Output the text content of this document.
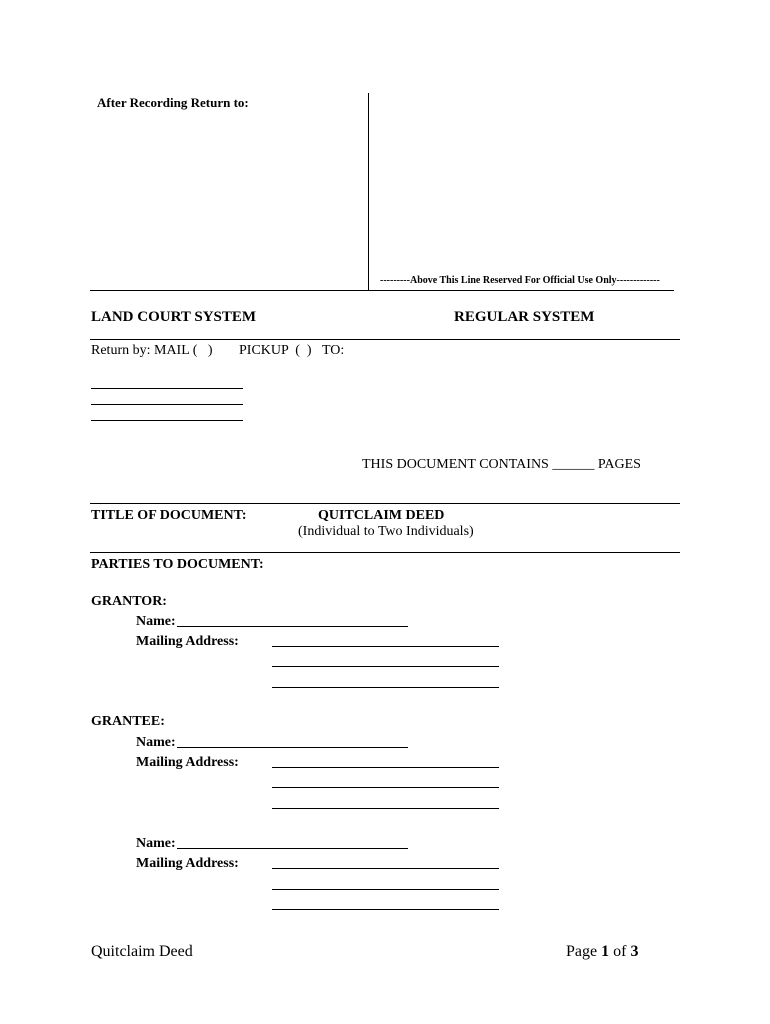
After Recording Return to:
---------Above This Line Reserved For Official Use Only-------------
LAND COURT SYSTEM	REGULAR SYSTEM
Return by: MAIL (   ) PICKUP  (  ) TO:
THIS DOCUMENT CONTAINS ______ PAGES
TITLE OF DOCUMENT:	QUITCLAIM DEED
(Individual to Two Individuals)
PARTIES TO DOCUMENT:
GRANTOR:
Name:
Mailing Address:
GRANTEE:
Name:
Mailing Address:
Name:
Mailing Address:
Quitclaim Deed	Page 1 of 3
